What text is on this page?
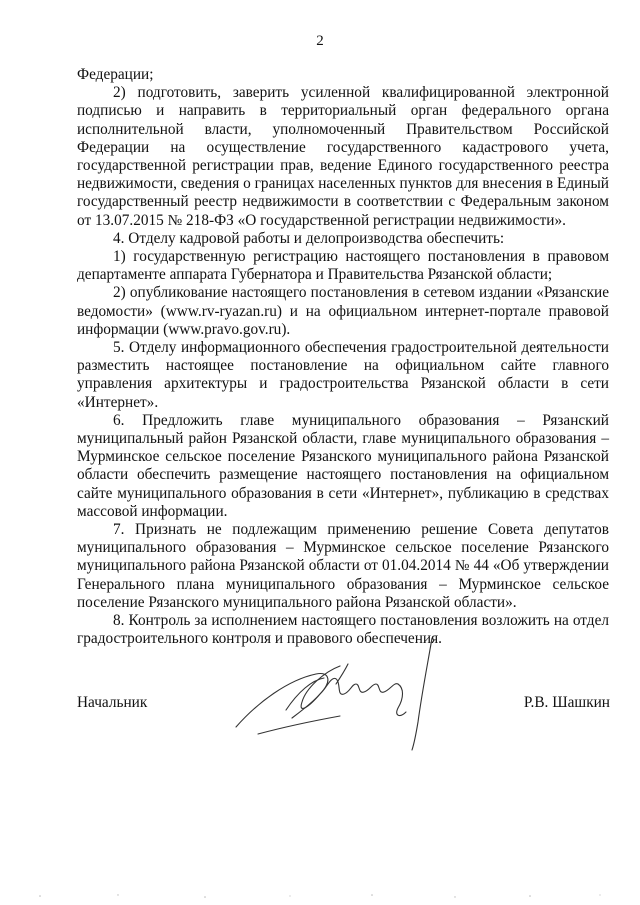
2

Федерации;

2) подготовить, заверить усиленной квалифицированной электронной подписью и направить в территориальный орган федерального органа исполнительной власти, уполномоченный Правительством Российской Федерации на осуществление государственного кадастрового учета, государственной регистрации прав, ведение Единого государственного реестра недвижимости, сведения о границах населенных пунктов для внесения в Единый государственный реестр недвижимости в соответствии с Федеральным законом от 13.07.2015 № 218-ФЗ «О государственной регистрации недвижимости».

4. Отделу кадровой работы и делопроизводства обеспечить:

1) государственную регистрацию настоящего постановления в правовом департаменте аппарата Губернатора и Правительства Рязанской области;

2) опубликование настоящего постановления в сетевом издании «Рязанские ведомости» (www.rv-ryazan.ru) и на официальном интернет-портале правовой информации (www.pravo.gov.ru).

5. Отделу информационного обеспечения градостроительной деятельности разместить настоящее постановление на официальном сайте главного управления архитектуры и градостроительства Рязанской области в сети «Интернет».

6. Предложить главе муниципального образования – Рязанский муниципальный район Рязанской области, главе муниципального образования – Мурминское сельское поселение Рязанского муниципального района Рязанской области обеспечить размещение настоящего постановления на официальном сайте муниципального образования в сети «Интернет», публикацию в средствах массовой информации.

7. Признать не подлежащим применению решение Совета депутатов муниципального образования – Мурминское сельское поселение Рязанского муниципального района Рязанской области от 01.04.2014 № 44 «Об утверждении Генерального плана муниципального образования – Мурминское сельское поселение Рязанского муниципального района Рязанской области».

8. Контроль за исполнением настоящего постановления возложить на отдел градостроительного контроля и правового обеспечения.

Начальник	Р.В. Шашкин
